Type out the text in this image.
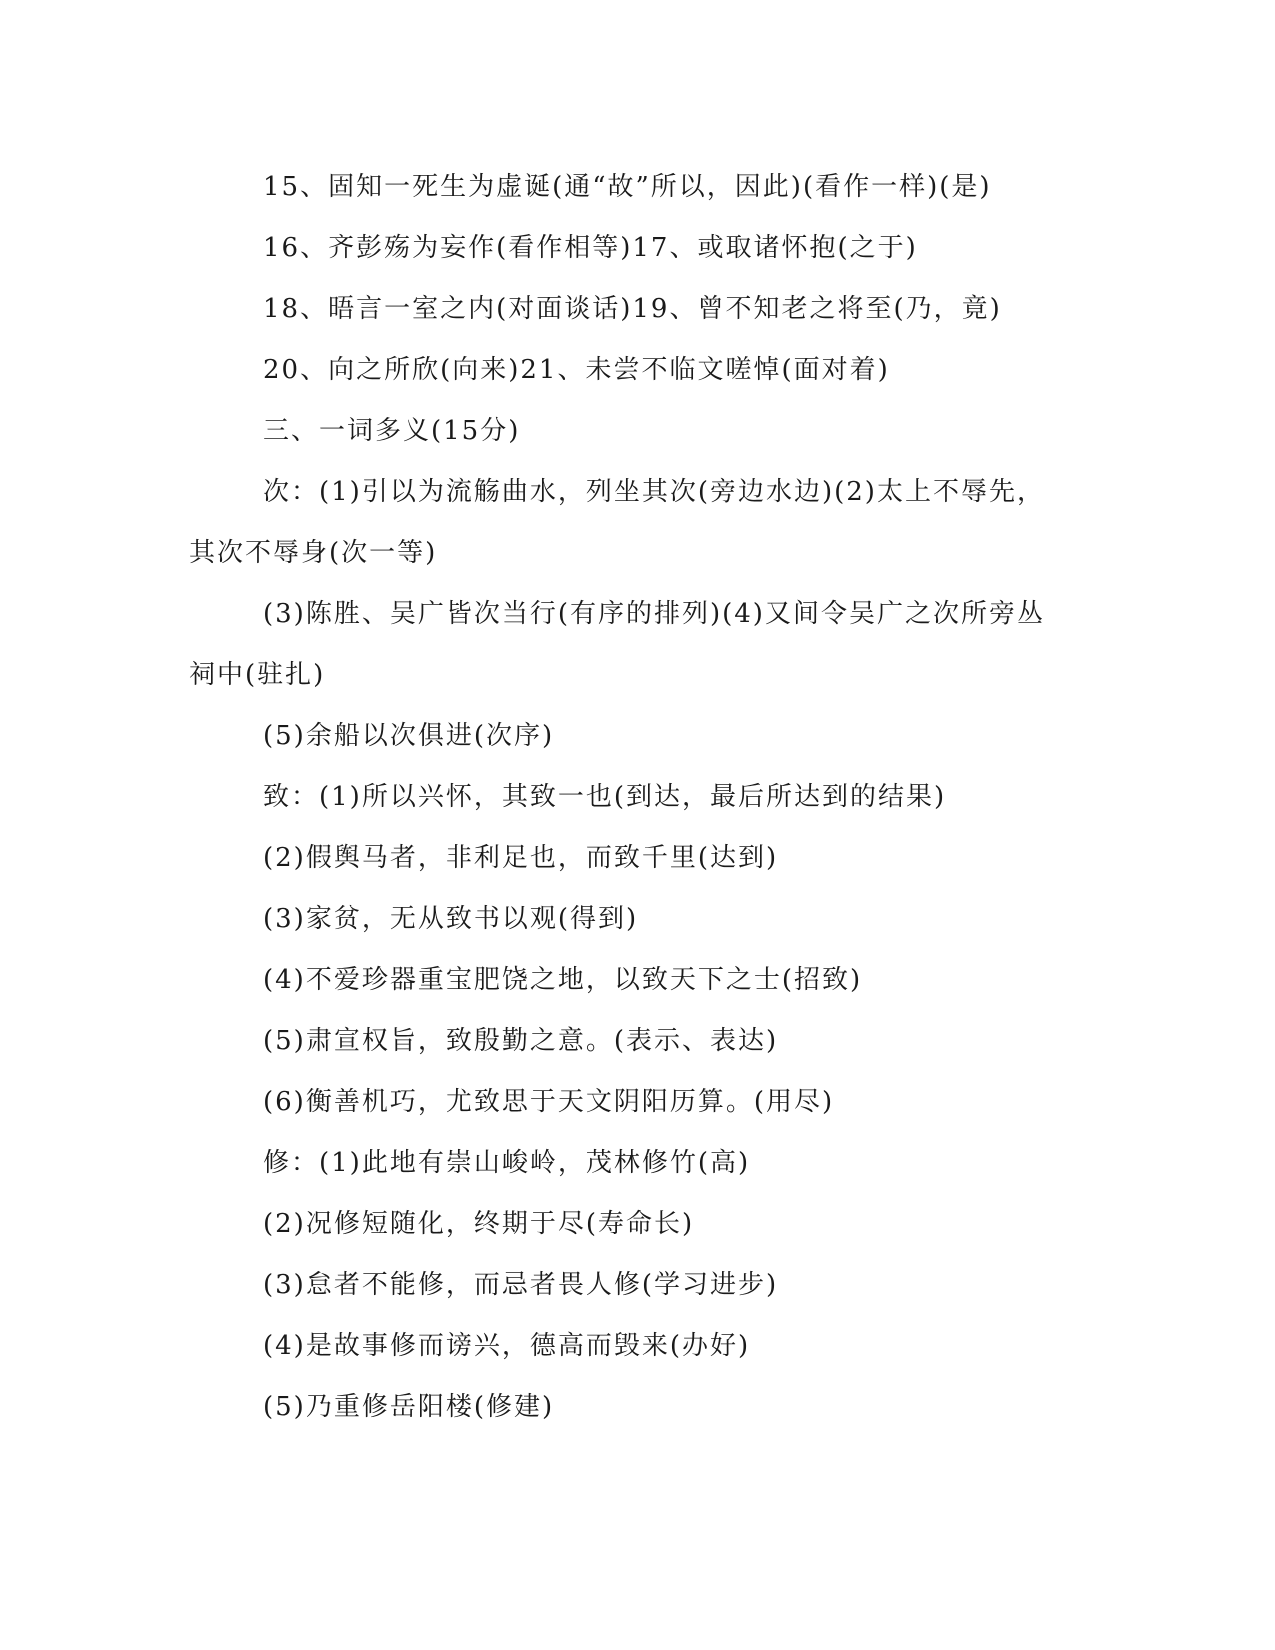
15、固知一死生为虚诞(通“故”所以，因此)(看作一样)(是)

16、齐彭殇为妄作(看作相等)17、或取诸怀抱(之于)

18、晤言一室之内(对面谈话)19、曾不知老之将至(乃，竟)

20、向之所欣(向来)21、未尝不临文嗟悼(面对着)

三、一词多义(15分)

次：(1)引以为流觞曲水，列坐其次(旁边水边)(2)太上不辱先，其次不辱身(次一等)

(3)陈胜、吴广皆次当行(有序的排列)(4)又间令吴广之次所旁丛祠中(驻扎)

(5)余船以次俱进(次序)

致：(1)所以兴怀，其致一也(到达，最后所达到的结果)

(2)假舆马者，非利足也，而致千里(达到)

(3)家贫，无从致书以观(得到)

(4)不爱珍器重宝肥饶之地，以致天下之士(招致)

(5)肃宣权旨，致殷勤之意。(表示、表达)

(6)衡善机巧，尤致思于天文阴阳历算。(用尽)

修：(1)此地有崇山峻岭，茂林修竹(高)

(2)况修短随化，终期于尽(寿命长)

(3)怠者不能修，而忌者畏人修(学习进步)

(4)是故事修而谤兴，德高而毁来(办好)

(5)乃重修岳阳楼(修建)
